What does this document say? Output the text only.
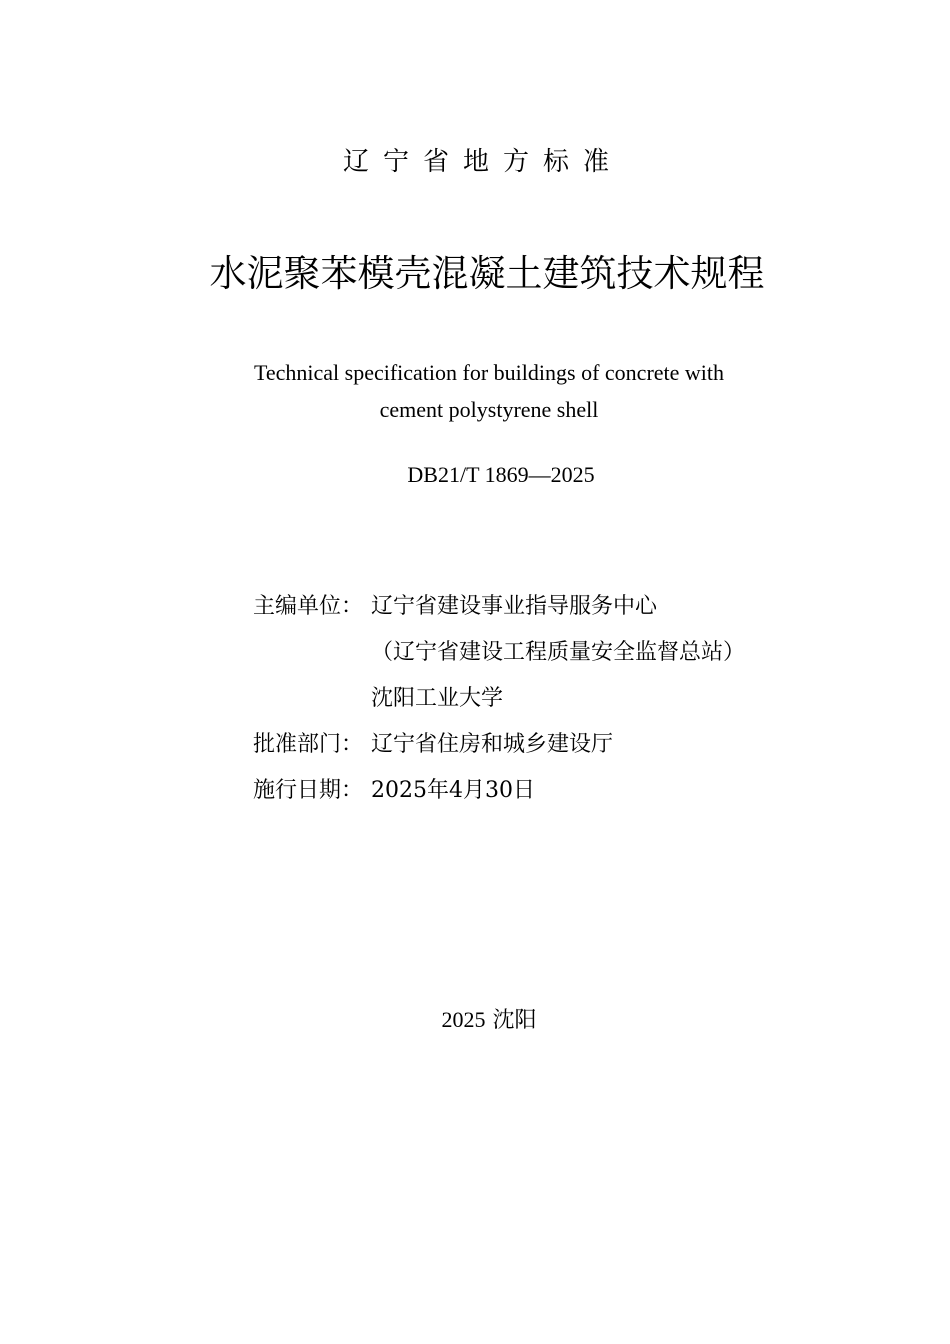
辽宁省地方标准
水泥聚苯模壳混凝土建筑技术规程
Technical specification for buildings of concrete with
cement polystyrene shell
DB21/T 1869—2025
主编单位： 辽宁省建设事业指导服务中心
（辽宁省建设工程质量安全监督总站）
沈阳工业大学
批准部门： 辽宁省住房和城乡建设厅
施行日期： 2025年4月30日
2025 沈阳
